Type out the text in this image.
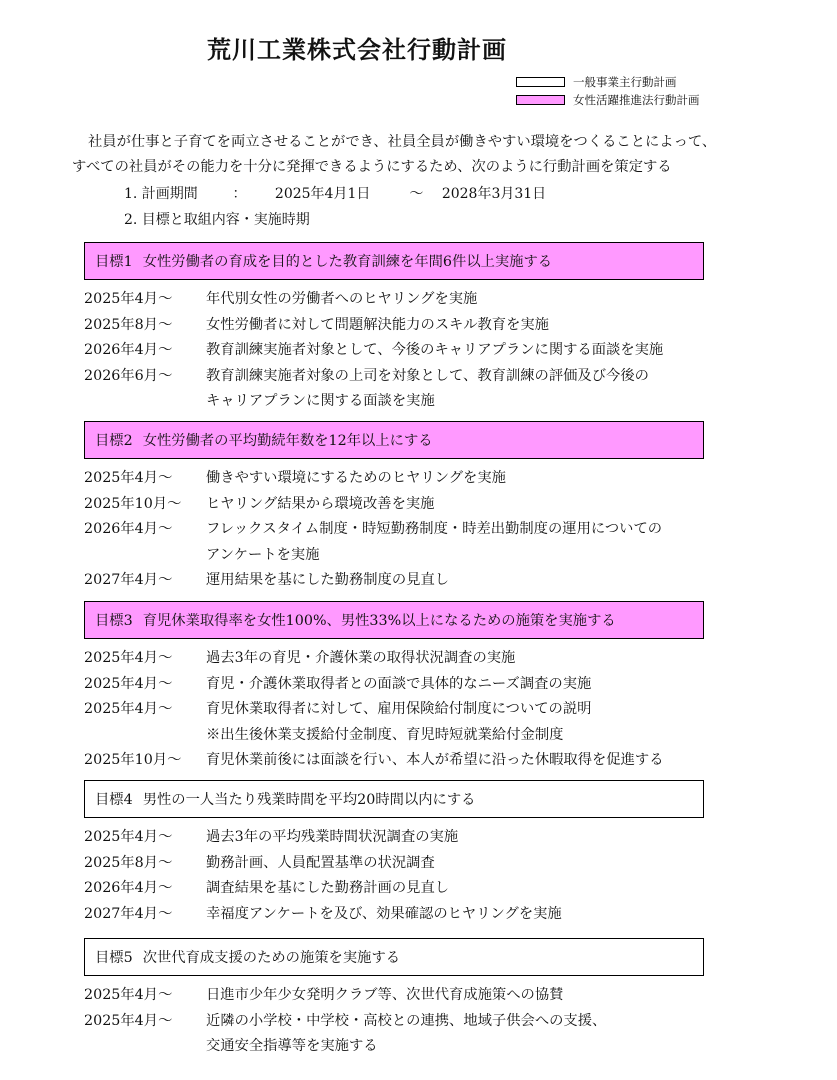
荒川工業株式会社行動計画
一般事業主行動計画
女性活躍推進法行動計画

社員が仕事と子育てを両立させることができ、社員全員が働きやすい環境をつくることによって、

すべての社員がその能力を十分に発揮できるようにするため、次のように行動計画を策定する

1. 計画期間 ： 2025年4月1日	～ 2028年3月31日
2. 目標と取組内容・実施時期
目標1 女性労働者の育成を目的とした教育訓練を年間6件以上実施する
2025年4月～	年代別女性の労働者へのヒヤリングを実施
2025年8月～	女性労働者に対して問題解決能力のスキル教育を実施
2026年4月～	教育訓練実施者対象として、今後のキャリアプランに関する面談を実施
2026年6月～	教育訓練実施者対象の上司を対象として、教育訓練の評価及び今後の
キャリアプランに関する面談を実施
目標2 女性労働者の平均勤続年数を12年以上にする
2025年4月～	働きやすい環境にするためのヒヤリングを実施
2025年10月～	ヒヤリング結果から環境改善を実施
2026年4月～	フレックスタイム制度・時短勤務制度・時差出勤制度の運用についての
アンケートを実施
2027年4月～	運用結果を基にした勤務制度の見直し
目標3 育児休業取得率を女性100%、男性33%以上になるための施策を実施する
2025年4月～	過去3年の育児・介護休業の取得状況調査の実施
2025年4月～	育児・介護休業取得者との面談で具体的なニーズ調査の実施
2025年4月～	育児休業取得者に対して、雇用保険給付制度についての説明
※出生後休業支援給付金制度、育児時短就業給付金制度
2025年10月～	育児休業前後には面談を行い、本人が希望に沿った休暇取得を促進する
目標4 男性の一人当たり残業時間を平均20時間以内にする
2025年4月～	過去3年の平均残業時間状況調査の実施
2025年8月～	勤務計画、人員配置基準の状況調査
2026年4月～	調査結果を基にした勤務計画の見直し
2027年4月～	幸福度アンケートを及び、効果確認のヒヤリングを実施
目標5 次世代育成支援のための施策を実施する
2025年4月～	日進市少年少女発明クラブ等、次世代育成施策への協賛
2025年4月～	近隣の小学校・中学校・高校との連携、地域子供会への支援、
交通安全指導等を実施する
